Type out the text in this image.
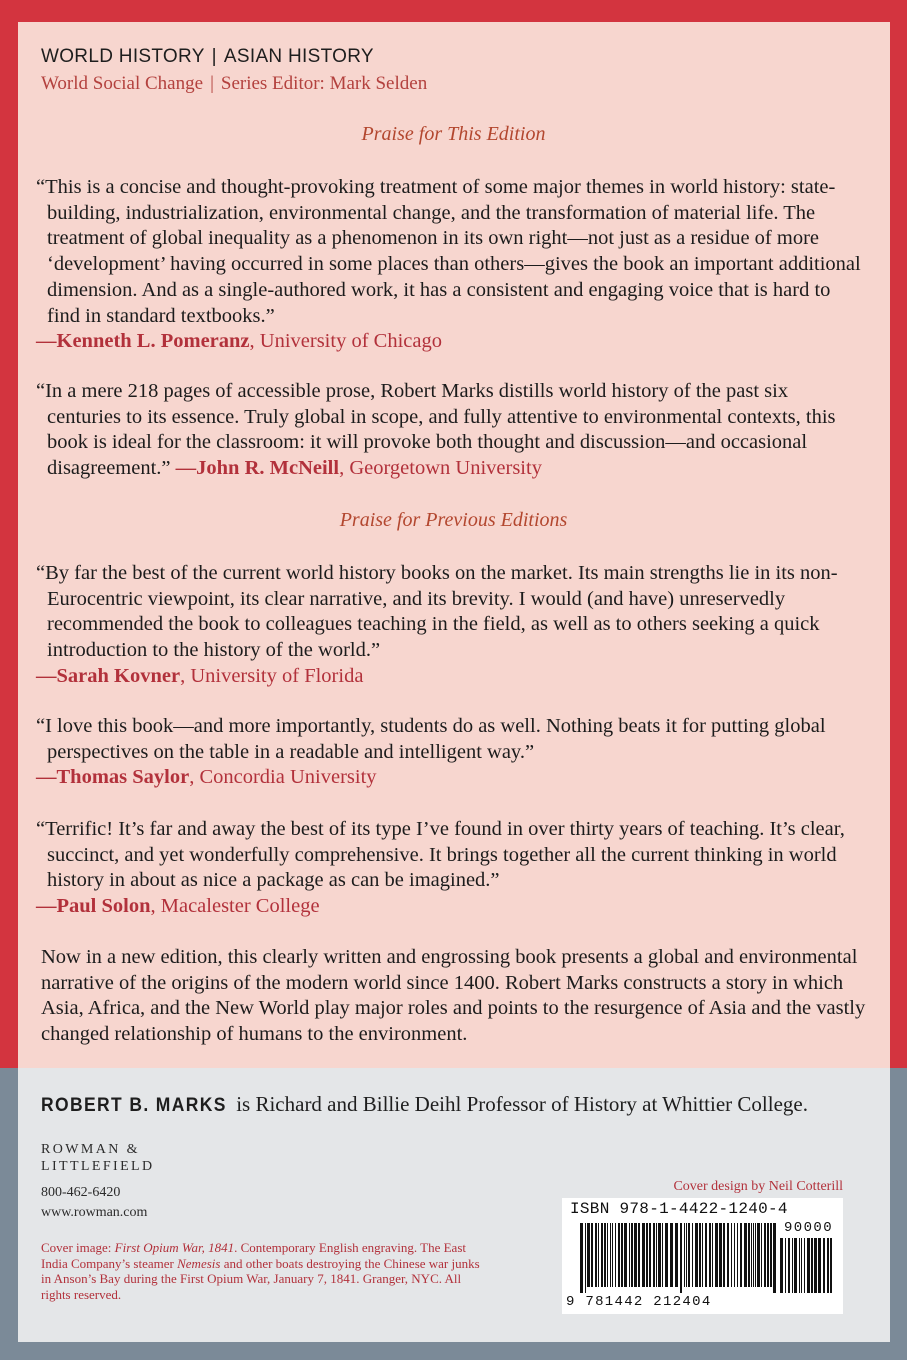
WORLD HISTORY | ASIAN HISTORY
World Social Change | Series Editor: Mark Selden
Praise for This Edition

“This is a concise and thought-provoking treatment of some major themes in world history: state-building, industrialization, environmental change, and the transformation of material life. The treatment of global inequality as a phenomenon in its own right—not just as a residue of more ‘development’ having occurred in some places than others—gives the book an important additional dimension. And as a single-authored work, it has a consistent and engaging voice that is hard to find in standard textbooks.”

—Kenneth L. Pomeranz, University of Chicago

“In a mere 218 pages of accessible prose, Robert Marks distills world history of the past six centuries to its essence. Truly global in scope, and fully attentive to environmental contexts, this book is ideal for the classroom: it will provoke both thought and discussion—and occasional disagreement.” —John R. McNeill, Georgetown University

Praise for Previous Editions

“By far the best of the current world history books on the market. Its main strengths lie in its non-Eurocentric viewpoint, its clear narrative, and its brevity. I would (and have) unreservedly recommended the book to colleagues teaching in the field, as well as to others seeking a quick introduction to the history of the world.”

—Sarah Kovner, University of Florida

“I love this book—and more importantly, students do as well. Nothing beats it for putting global perspectives on the table in a readable and intelligent way.”

—Thomas Saylor, Concordia University

“Terrific! It’s far and away the best of its type I’ve found in over thirty years of teaching. It’s clear, succinct, and yet wonderfully comprehensive. It brings together all the current thinking in world history in about as nice a package as can be imagined.”

—Paul Solon, Macalester College

Now in a new edition, this clearly written and engrossing book presents a global and environmental narrative of the origins of the modern world since 1400. Robert Marks constructs a story in which Asia, Africa, and the New World play major roles and points to the resurgence of Asia and the vastly changed relationship of humans to the environment.

ROBERT B. MARKS is Richard and Billie Deihl Professor of History at Whittier College.
ROWMAN &
LITTLEFIELD
800-462-6420
www.rowman.com

Cover image: First Opium War, 1841. Contemporary English engraving. The East India Company’s steamer Nemesis and other boats destroying the Chinese war junks in Anson’s Bay during the First Opium War, January 7, 1841. Granger, NYC. All rights reserved.

Cover design by Neil Cotterill
ISBN 978-1-4422-1240-4
90000
9 781442 212404
